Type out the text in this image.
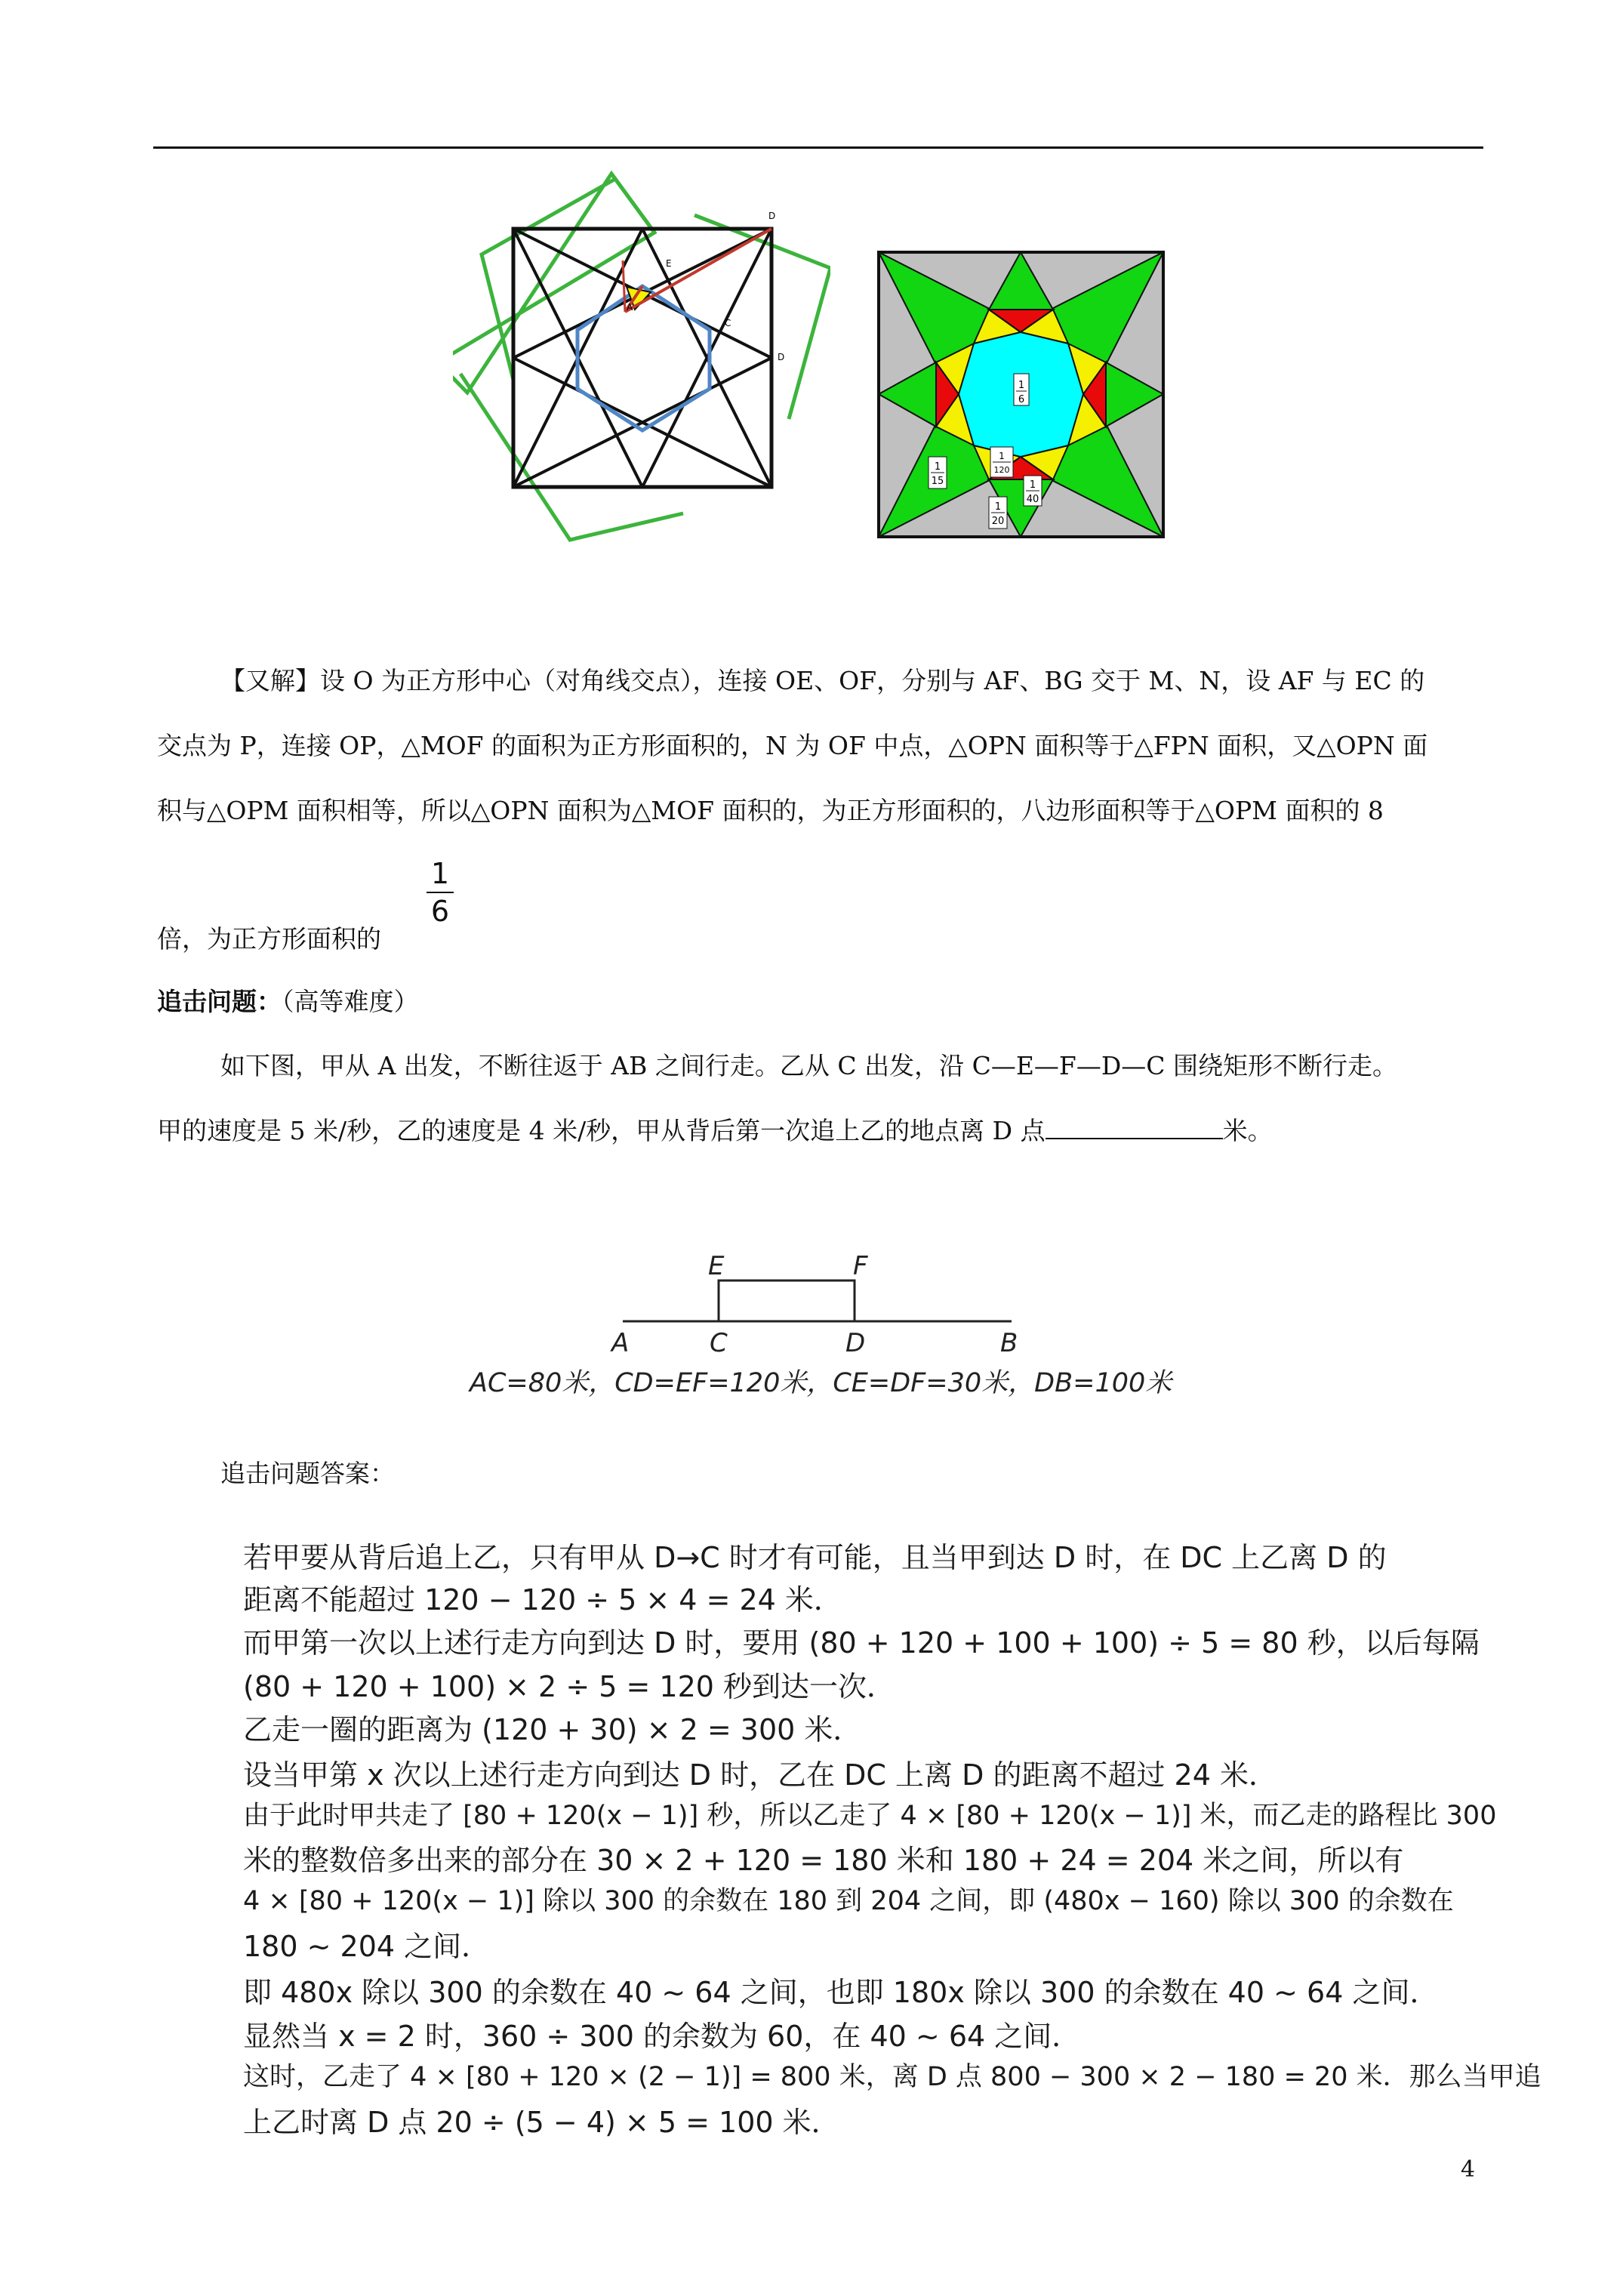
D
E
A
C
D
1
6
1
120
1
15	1
40
1
20
【又解】设 O 为正方形中心（对角线交点），连接 OE、OF，分别与 AF、BG 交于 M、N，设 AF 与 EC 的
交点为 P，连接 OP，△MOF 的面积为正方形面积的，N 为 OF 中点，△OPN 面积等于△FPN 面积，又△OPN 面
积与△OPM 面积相等，所以△OPN 面积为△MOF 面积的，为正方形面积的，八边形面积等于△OPM 面积的 8
倍，为正方形面积的
1
6
追击问题：（高等难度）
如下图，甲从 A 出发，不断往返于 AB 之间行走。乙从 C 出发，沿 C—E—F—D—C 围绕矩形不断行走。
甲的速度是 5 米/秒，乙的速度是 4 米/秒，甲从背后第一次追上乙的地点离 D 点	米。
E	F
A	C	D	B
AC=80米，CD=EF=120米，CE=DF=30米，DB=100米
追击问题答案：
若甲要从背后追上乙，只有甲从 D→C 时才有可能，且当甲到达 D 时，在 DC 上乙离 D 的
距离不能超过 120 − 120 ÷ 5 × 4 = 24 米．
而甲第一次以上述行走方向到达 D 时，要用 (80 + 120 + 100 + 100) ÷ 5 = 80 秒，以后每隔
(80 + 120 + 100) × 2 ÷ 5 = 120 秒到达一次．
乙走一圈的距离为 (120 + 30) × 2 = 300 米．
设当甲第 x 次以上述行走方向到达 D 时，乙在 DC 上离 D 的距离不超过 24 米．
由于此时甲共走了 [80 + 120(x − 1)] 秒，所以乙走了 4 × [80 + 120(x − 1)] 米，而乙走的路程比 300
米的整数倍多出来的部分在 30 × 2 + 120 = 180 米和 180 + 24 = 204 米之间，所以有
4 × [80 + 120(x − 1)] 除以 300 的余数在 180 到 204 之间，即 (480x − 160) 除以 300 的余数在
180 ~ 204 之间．
即 480x 除以 300 的余数在 40 ~ 64 之间，也即 180x 除以 300 的余数在 40 ~ 64 之间．
显然当 x = 2 时，360 ÷ 300 的余数为 60，在 40 ~ 64 之间．
这时，乙走了 4 × [80 + 120 × (2 − 1)] = 800 米，离 D 点 800 − 300 × 2 − 180 = 20 米．那么当甲追
上乙时离 D 点 20 ÷ (5 − 4) × 5 = 100 米．
4
